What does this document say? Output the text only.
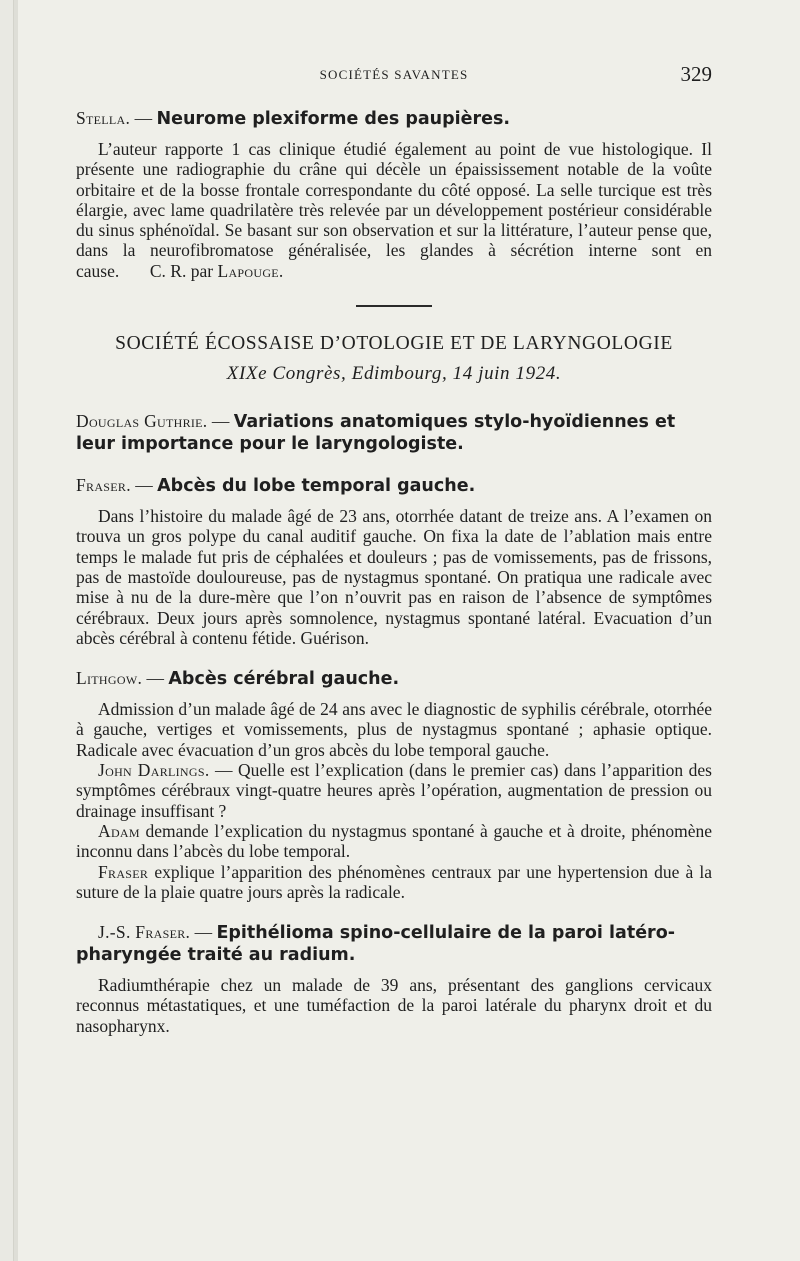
SOCIÉTÉS SAVANTES	329

Stella. — Neurome plexiforme des paupières.

L’auteur rapporte 1 cas clinique étudié également au point de vue histologique. Il présente une radiographie du crâne qui décèle un épaississement notable de la voûte orbitaire et de la bosse frontale correspondante du côté opposé. La selle turcique est très élargie, avec lame quadrilatère très relevée par un développement postérieur considérable du sinus sphénoïdal. Se basant sur son observation et sur la littérature, l’auteur pense que, dans la neurofibromatose généralisée, les glandes à sécrétion interne sont en cause. C. R. par Lapouge.

SOCIÉTÉ ÉCOSSAISE D’OTOLOGIE ET DE LARYNGOLOGIE

XIXe Congrès, Edimbourg, 14 juin 1924.

Douglas Guthrie. — Variations anatomiques stylo-hyoïdiennes et leur importance pour le laryngologiste.

Fraser. — Abcès du lobe temporal gauche.

Dans l’histoire du malade âgé de 23 ans, otorrhée datant de treize ans. A l’examen on trouva un gros polype du canal auditif gauche. On fixa la date de l’ablation mais entre temps le malade fut pris de céphalées et douleurs ; pas de vomissements, pas de frissons, pas de mastoïde douloureuse, pas de nystagmus spontané. On pratiqua une radicale avec mise à nu de la dure-mère que l’on n’ouvrit pas en raison de l’absence de symptômes cérébraux. Deux jours après somnolence, nystagmus spontané latéral. Evacuation d’un abcès cérébral à contenu fétide. Guérison.

Lithgow. — Abcès cérébral gauche.

Admission d’un malade âgé de 24 ans avec le diagnostic de syphilis cérébrale, otorrhée à gauche, vertiges et vomissements, plus de nystagmus spontané ; aphasie optique. Radicale avec évacuation d’un gros abcès du lobe temporal gauche.

John Darlings. — Quelle est l’explication (dans le premier cas) dans l’apparition des symptômes cérébraux vingt-quatre heures après l’opération, augmentation de pression ou drainage insuffisant ?

Adam demande l’explication du nystagmus spontané à gauche et à droite, phénomène inconnu dans l’abcès du lobe temporal.

Fraser explique l’apparition des phénomènes centraux par une hypertension due à la suture de la plaie quatre jours après la radicale.

J.-S. Fraser. — Epithélioma spino-cellulaire de la paroi latéro-pharyngée traité au radium.

Radiumthérapie chez un malade de 39 ans, présentant des ganglions cervicaux reconnus métastatiques, et une tuméfaction de la paroi latérale du pharynx droit et du nasopharynx.
